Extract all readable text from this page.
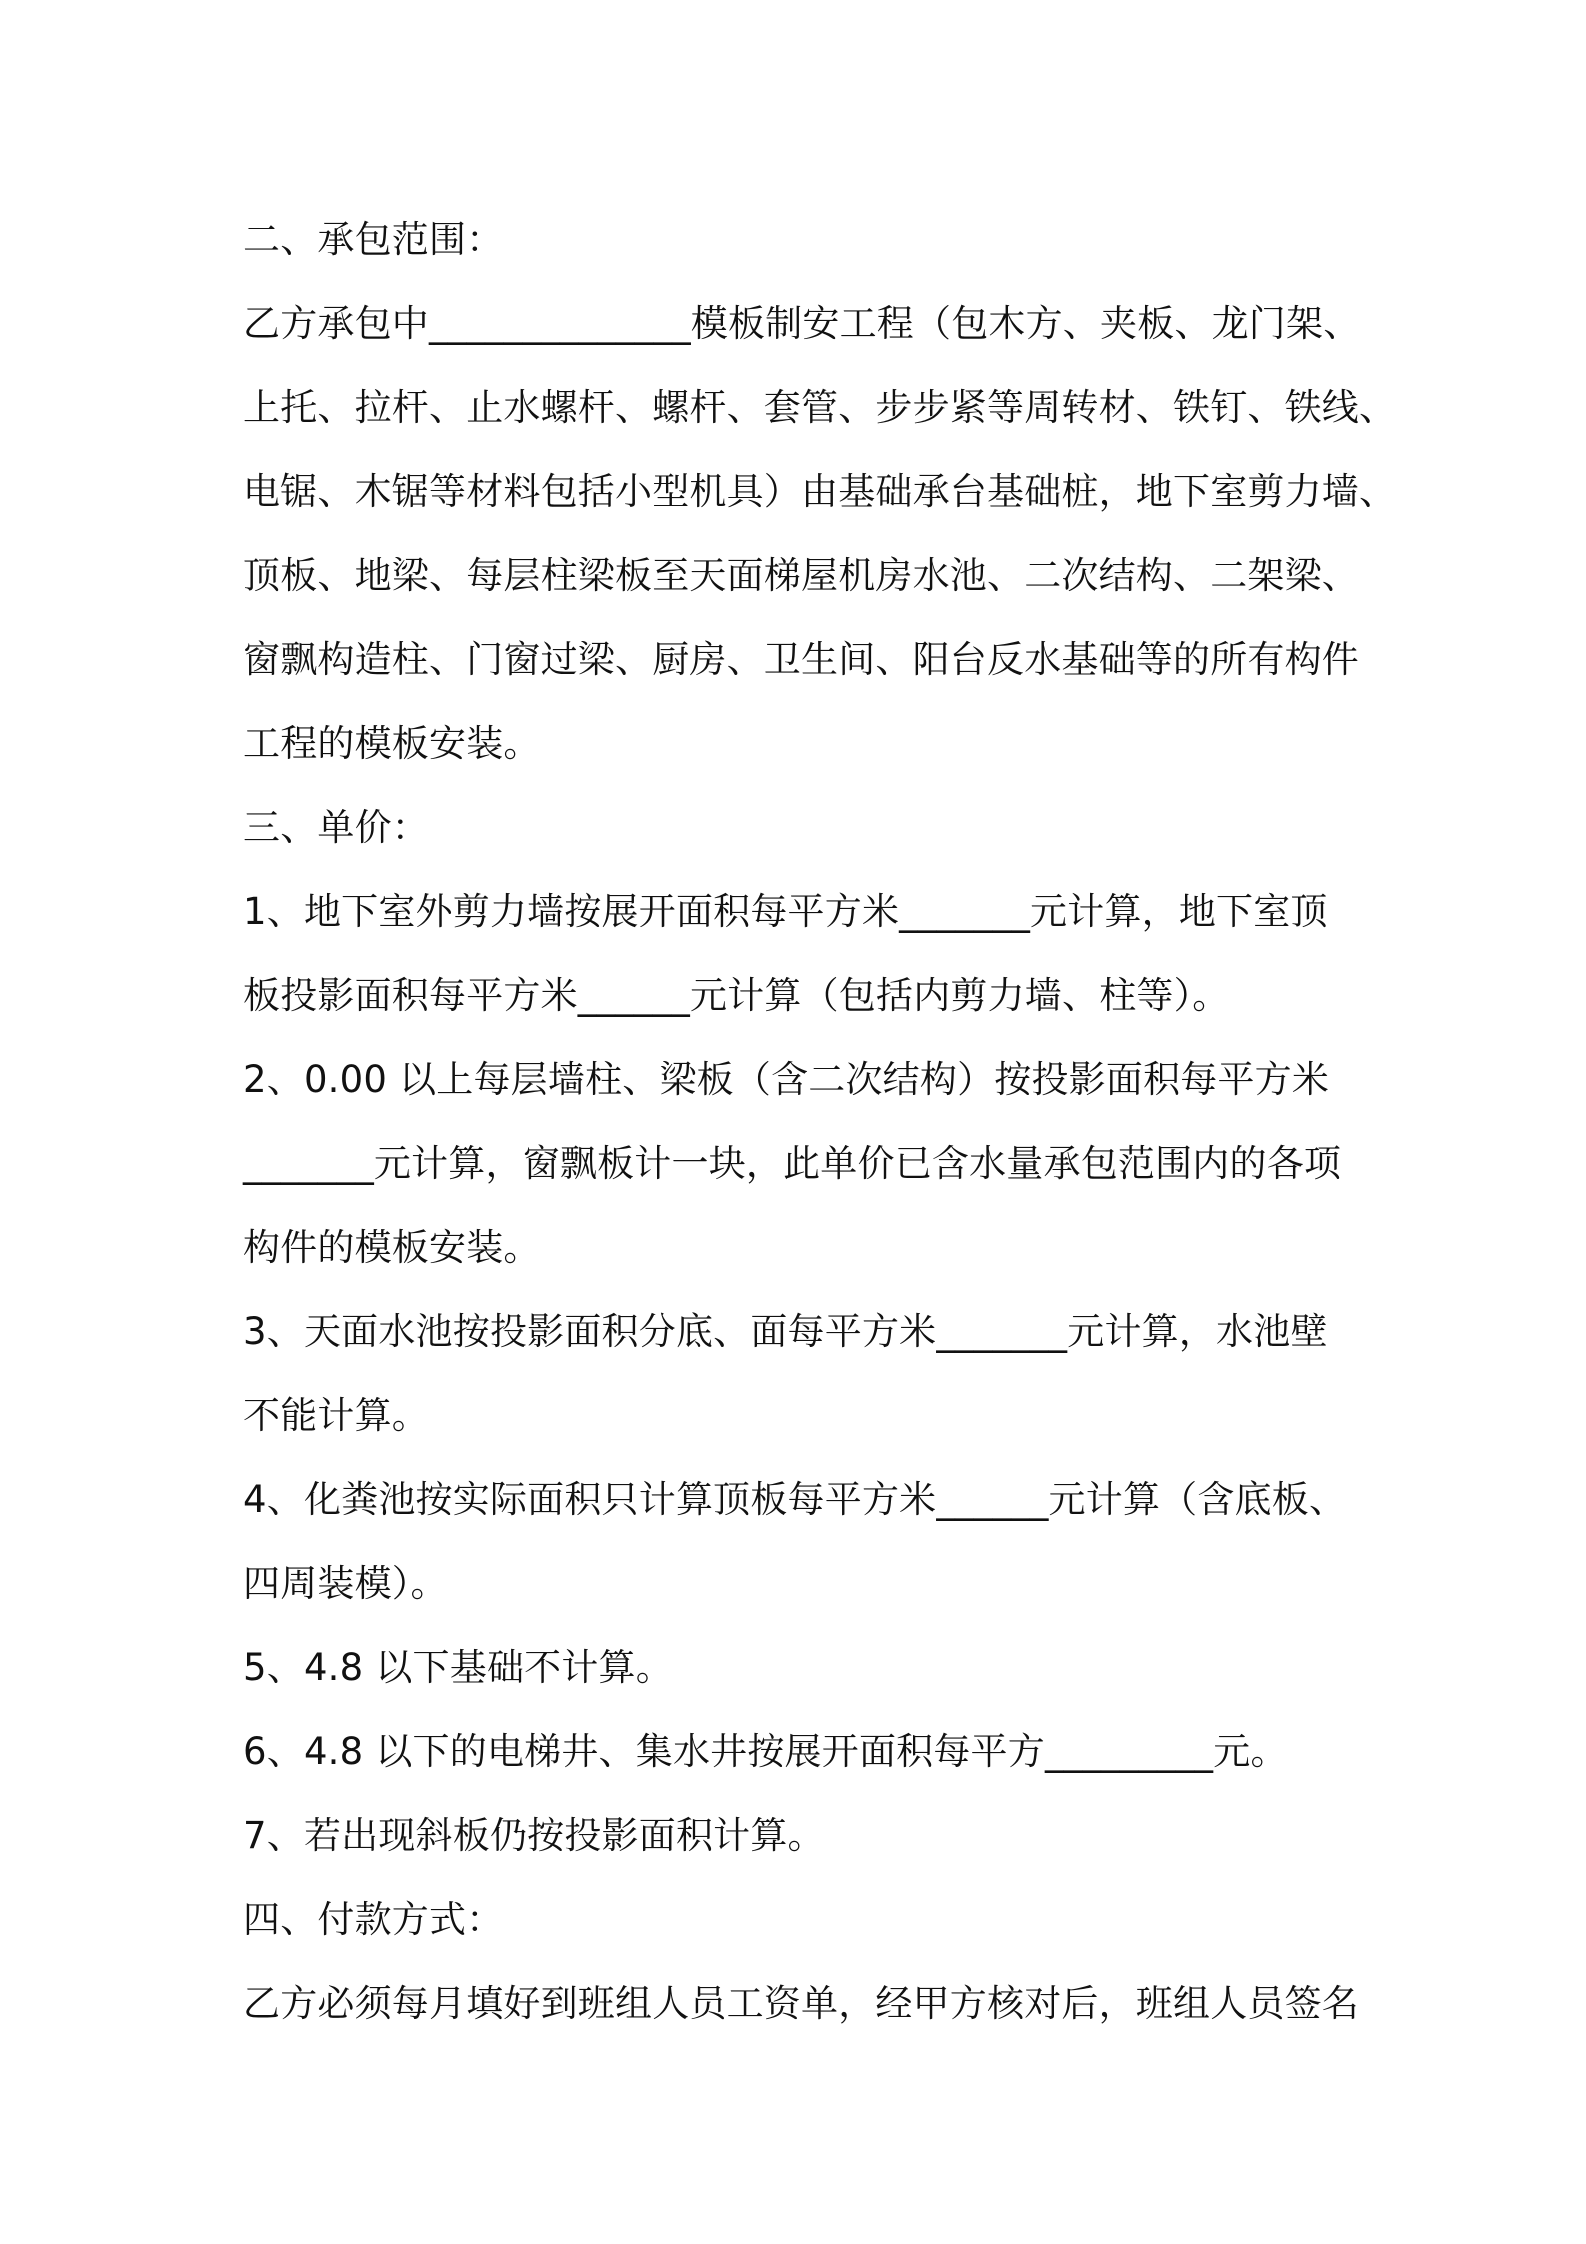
二、承包范围：
乙方承包中______________模板制安工程（包木方、夹板、龙门架、
上托、拉杆、止水螺杆、螺杆、套管、步步紧等周转材、铁钉、铁线、
电锯、木锯等材料包括小型机具）由基础承台基础桩，地下室剪力墙、
顶板、地梁、每层柱梁板至天面梯屋机房水池、二次结构、二架梁、
窗飘构造柱、门窗过梁、厨房、卫生间、阳台反水基础等的所有构件
工程的模板安装。
三、单价：
1、地下室外剪力墙按展开面积每平方米_______元计算，地下室顶
板投影面积每平方米______元计算（包括内剪力墙、柱等）。
2、0.00 以上每层墙柱、梁板（含二次结构）按投影面积每平方米
_______元计算，窗飘板计一块，此单价已含水量承包范围内的各项
构件的模板安装。
3、天面水池按投影面积分底、面每平方米_______元计算，水池壁
不能计算。
4、化粪池按实际面积只计算顶板每平方米______元计算（含底板、
四周装模）。
5、4.8 以下基础不计算。
6、4.8 以下的电梯井、集水井按展开面积每平方_________元。
7、若出现斜板仍按投影面积计算。
四、付款方式：
乙方必须每月填好到班组人员工资单，经甲方核对后，班组人员签名
